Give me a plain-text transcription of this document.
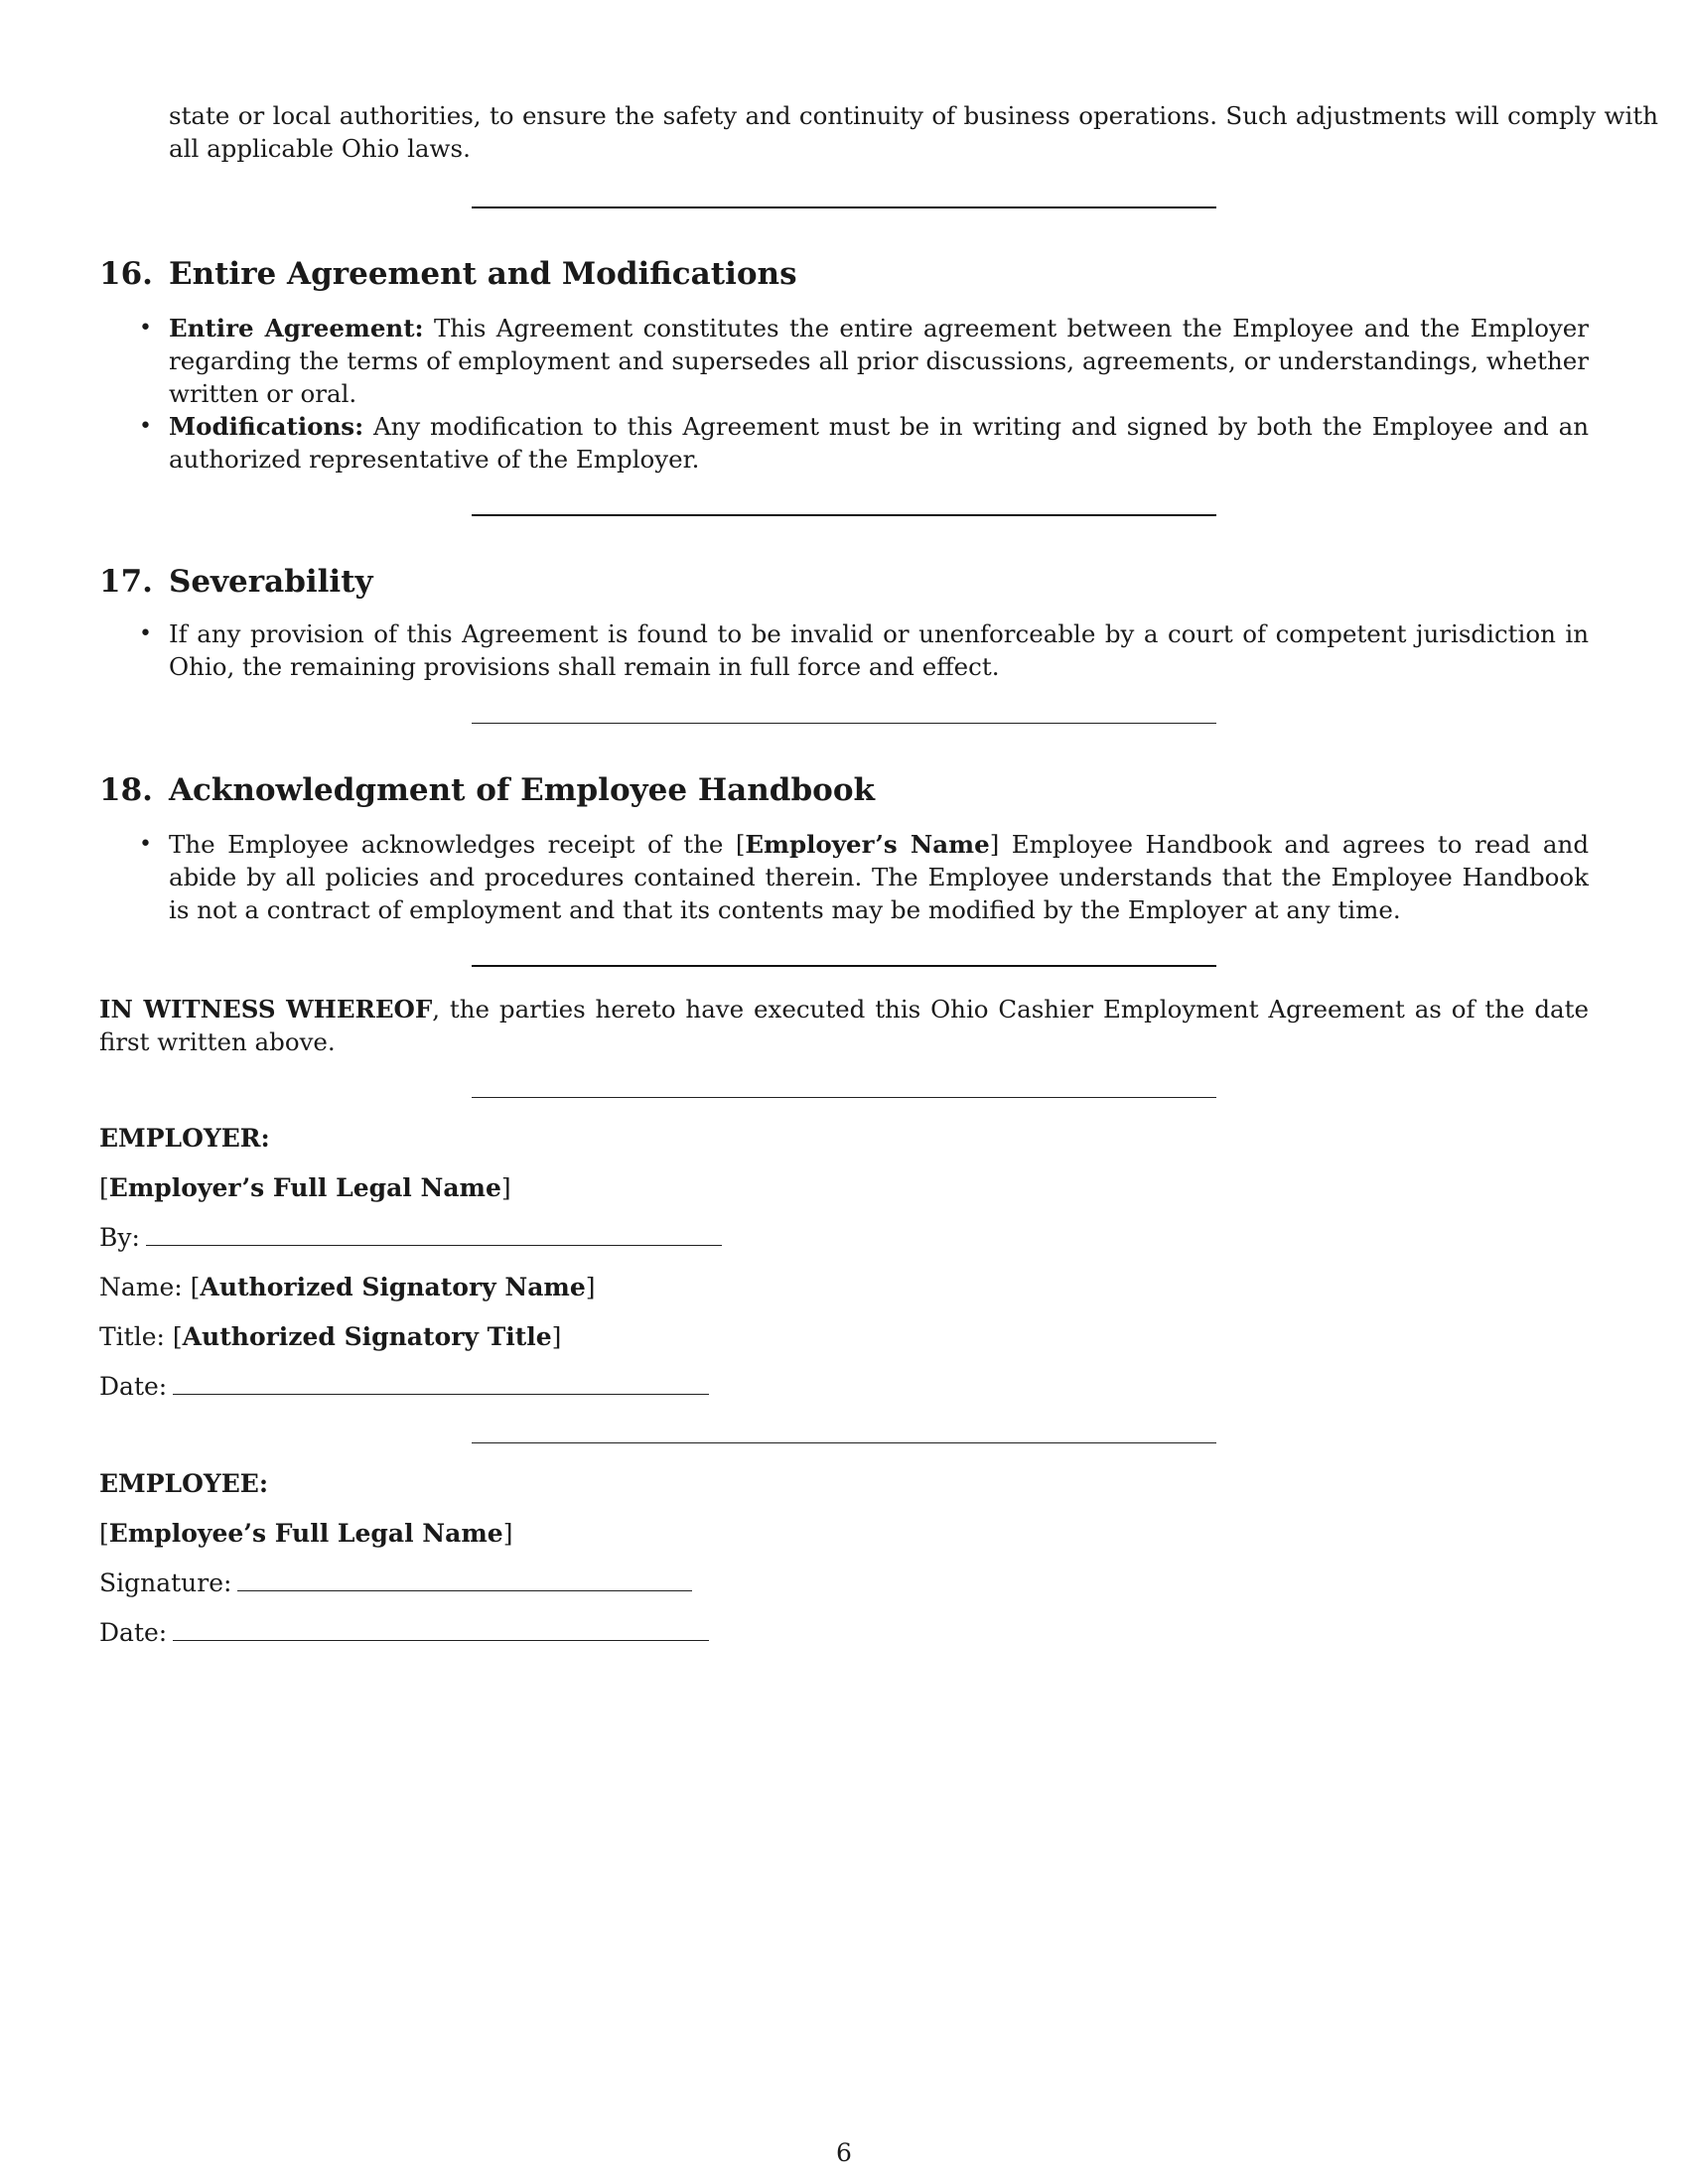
state or local authorities, to ensure the safety and continuity of business operations. Such adjustments will comply with all applicable Ohio laws.
16. Entire Agreement and Modifications
• Entire Agreement: This Agreement constitutes the entire agreement between the Employee and the Employer regarding the terms of employment and supersedes all prior discussions, agreements, or understandings, whether written or oral.
• Modifications: Any modification to this Agreement must be in writing and signed by both the Employee and an authorized representative of the Employer.
17. Severability
• If any provision of this Agreement is found to be invalid or unenforceable by a court of competent jurisdiction in Ohio, the remaining provisions shall remain in full force and effect.
18. Acknowledgment of Employee Handbook
• The Employee acknowledges receipt of the [Employer’s Name] Employee Handbook and agrees to read and abide by all policies and procedures contained therein. The Employee understands that the Employee Handbook is not a contract of employment and that its contents may be modified by the Employer at any time.
IN WITNESS WHEREOF, the parties hereto have executed this Ohio Cashier Employment Agreement as of the date first written above.
EMPLOYER:
[Employer’s Full Legal Name]
By:
Name: [Authorized Signatory Name]
Title: [Authorized Signatory Title]
Date:
EMPLOYEE:
[Employee’s Full Legal Name]
Signature:
Date:
6
